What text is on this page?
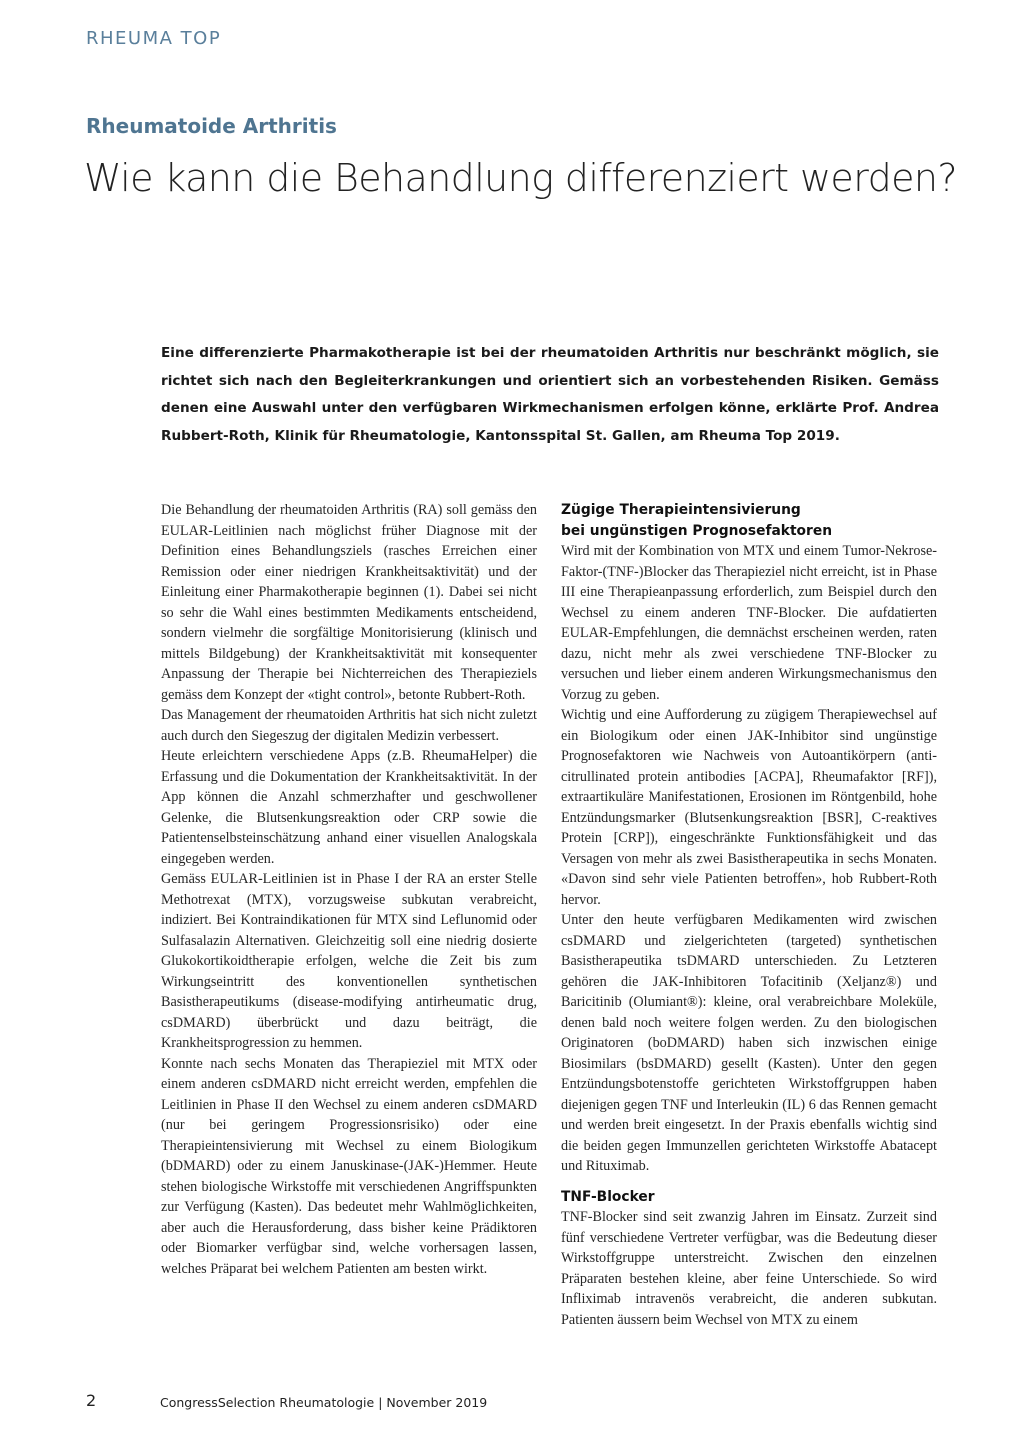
RHEUMA TOP
Rheumatoide Arthritis
Wie kann die Behandlung differenziert werden?

Eine differenzierte Pharmakotherapie ist bei der rheumatoiden Arthritis nur beschränkt möglich, sie richtet sich nach den Begleiterkrankungen und orientiert sich an vorbestehenden Risiken. Gemäss denen eine Auswahl unter den verfügbaren Wirkmechanismen erfolgen könne, erklärte Prof. Andrea Rubbert-Roth, Klinik für Rheumatologie, Kantonsspital St. Gallen, am Rheuma Top 2019.

Die Behandlung der rheumatoiden Arthritis (RA) soll gemäss den EULAR-Leitlinien nach möglichst früher Diagnose mit der Definition eines Behandlungsziels (rasches Erreichen einer Remission oder einer niedrigen Krankheitsaktivität) und der Einleitung einer Pharmakotherapie beginnen (1). Dabei sei nicht so sehr die Wahl eines bestimmten Medikaments entscheidend, sondern vielmehr die sorgfältige Monitorisierung (klinisch und mittels Bildgebung) der Krankheitsaktivität mit konsequenter Anpassung der Therapie bei Nichterreichen des Therapieziels gemäss dem Konzept der «tight control», betonte Rubbert-Roth.

Das Management der rheumatoiden Arthritis hat sich nicht zuletzt auch durch den Siegeszug der digitalen Medizin verbessert.

Heute erleichtern verschiedene Apps (z.B. RheumaHelper) die Erfassung und die Dokumentation der Krankheitsaktivität. In der App können die Anzahl schmerzhafter und geschwollener Gelenke, die Blutsenkungsreaktion oder CRP sowie die Patientenselbsteinschätzung anhand einer visuellen Analogskala eingegeben werden.

Gemäss EULAR-Leitlinien ist in Phase I der RA an erster Stelle Methotrexat (MTX), vorzugsweise subkutan verabreicht, indiziert. Bei Kontraindikationen für MTX sind Leflunomid oder Sulfasalazin Alternativen. Gleichzeitig soll eine niedrig dosierte Glukokortikoidtherapie erfolgen, welche die Zeit bis zum Wirkungseintritt des konventionellen synthetischen Basistherapeutikums (disease-modifying antirheumatic drug, csDMARD) überbrückt und dazu beiträgt, die Krankheitsprogression zu hemmen.

Konnte nach sechs Monaten das Therapieziel mit MTX oder einem anderen csDMARD nicht erreicht werden, empfehlen die Leitlinien in Phase II den Wechsel zu einem anderen csDMARD (nur bei geringem Progressionsrisiko) oder eine Therapieintensivierung mit Wechsel zu einem Biologikum (bDMARD) oder zu einem Januskinase-(JAK-)Hemmer. Heute stehen biologische Wirkstoffe mit verschiedenen Angriffspunkten zur Verfügung (Kasten). Das bedeutet mehr Wahlmöglichkeiten, aber auch die Herausforderung, dass bisher keine Prädiktoren oder Biomarker verfügbar sind, welche vorhersagen lassen, welches Präparat bei welchem Patienten am besten wirkt.

Zügige Therapieintensivierung
bei ungünstigen Prognosefaktoren

Wird mit der Kombination von MTX und einem Tumor-Nekrose-Faktor-(TNF-)Blocker das Therapieziel nicht erreicht, ist in Phase III eine Therapieanpassung erforderlich, zum Beispiel durch den Wechsel zu einem anderen TNF-Blocker. Die aufdatierten EULAR-Empfehlungen, die demnächst erscheinen werden, raten dazu, nicht mehr als zwei verschiedene TNF-Blocker zu versuchen und lieber einem anderen Wirkungsmechanismus den Vorzug zu geben.

Wichtig und eine Aufforderung zu zügigem Therapiewechsel auf ein Biologikum oder einen JAK-Inhibitor sind ungünstige Prognosefaktoren wie Nachweis von Autoantikörpern (anti-citrullinated protein antibodies [ACPA], Rheumafaktor [RF]), extraartikuläre Manifestationen, Erosionen im Röntgenbild, hohe Entzündungsmarker (Blutsenkungsreaktion [BSR], C-reaktives Protein [CRP]), eingeschränkte Funktionsfähigkeit und das Versagen von mehr als zwei Basistherapeutika in sechs Monaten. «Davon sind sehr viele Patienten betroffen», hob Rubbert-Roth hervor.

Unter den heute verfügbaren Medikamenten wird zwischen csDMARD und zielgerichteten (targeted) synthetischen Basistherapeutika tsDMARD unterschieden. Zu Letzteren gehören die JAK-Inhibitoren Tofacitinib (Xeljanz®) und Baricitinib (Olumiant®): kleine, oral verabreichbare Moleküle, denen bald noch weitere folgen werden. Zu den biologischen Originatoren (boDMARD) haben sich inzwischen einige Biosimilars (bsDMARD) gesellt (Kasten). Unter den gegen Entzündungsbotenstoffe gerichteten Wirkstoffgruppen haben diejenigen gegen TNF und Interleukin (IL) 6 das Rennen gemacht und werden breit eingesetzt. In der Praxis ebenfalls wichtig sind die beiden gegen Immunzellen gerichteten Wirkstoffe Abatacept und Rituximab.

TNF-Blocker

TNF-Blocker sind seit zwanzig Jahren im Einsatz. Zurzeit sind fünf verschiedene Vertreter verfügbar, was die Bedeutung dieser Wirkstoffgruppe unterstreicht. Zwischen den einzelnen Präparaten bestehen kleine, aber feine Unterschiede. So wird Infliximab intravenös verabreicht, die anderen subkutan. Patienten äussern beim Wechsel von MTX zu einem

2	CongressSelection Rheumatologie | November 2019
